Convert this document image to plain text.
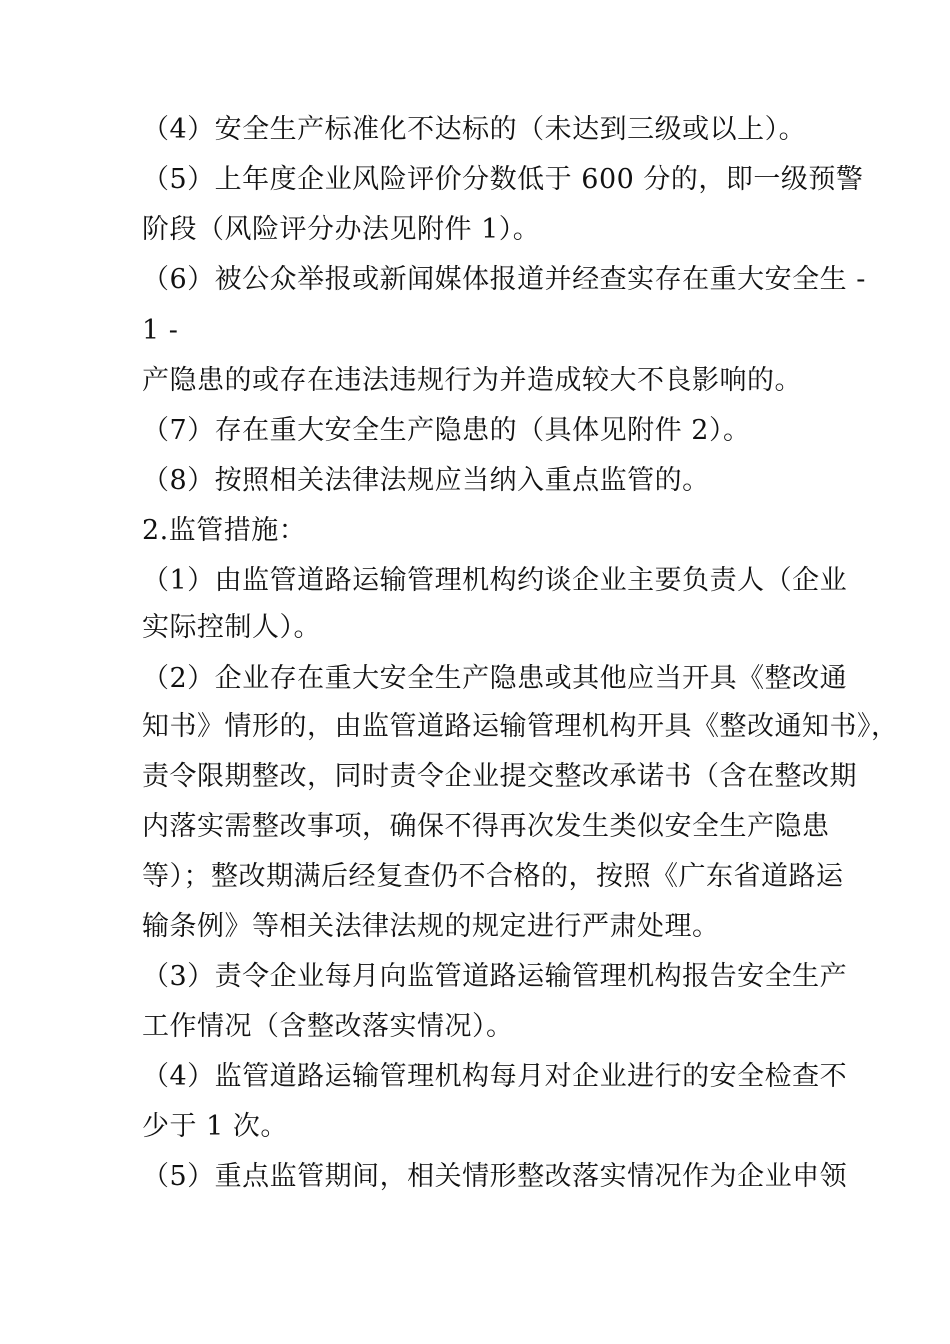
（4）安全生产标准化不达标的（未达到三级或以上）。
（5）上年度企业风险评价分数低于 600 分的，即一级预警
阶段（风险评分办法见附件 1）。
（6）被公众举报或新闻媒体报道并经查实存在重大安全生 -
1 -
产隐患的或存在违法违规行为并造成较大不良影响的。
（7）存在重大安全生产隐患的（具体见附件 2）。
（8）按照相关法律法规应当纳入重点监管的。
2.监管措施：
（1）由监管道路运输管理机构约谈企业主要负责人（企业
实际控制人）。
（2）企业存在重大安全生产隐患或其他应当开具《整改通
知书》情形的，由监管道路运输管理机构开具《整改通知书》，
责令限期整改，同时责令企业提交整改承诺书（含在整改期
内落实需整改事项，确保不得再次发生类似安全生产隐患
等）；整改期满后经复查仍不合格的，按照《广东省道路运
输条例》等相关法律法规的规定进行严肃处理。
（3）责令企业每月向监管道路运输管理机构报告安全生产
工作情况（含整改落实情况）。
（4）监管道路运输管理机构每月对企业进行的安全检查不
少于 1 次。
（5）重点监管期间，相关情形整改落实情况作为企业申领
